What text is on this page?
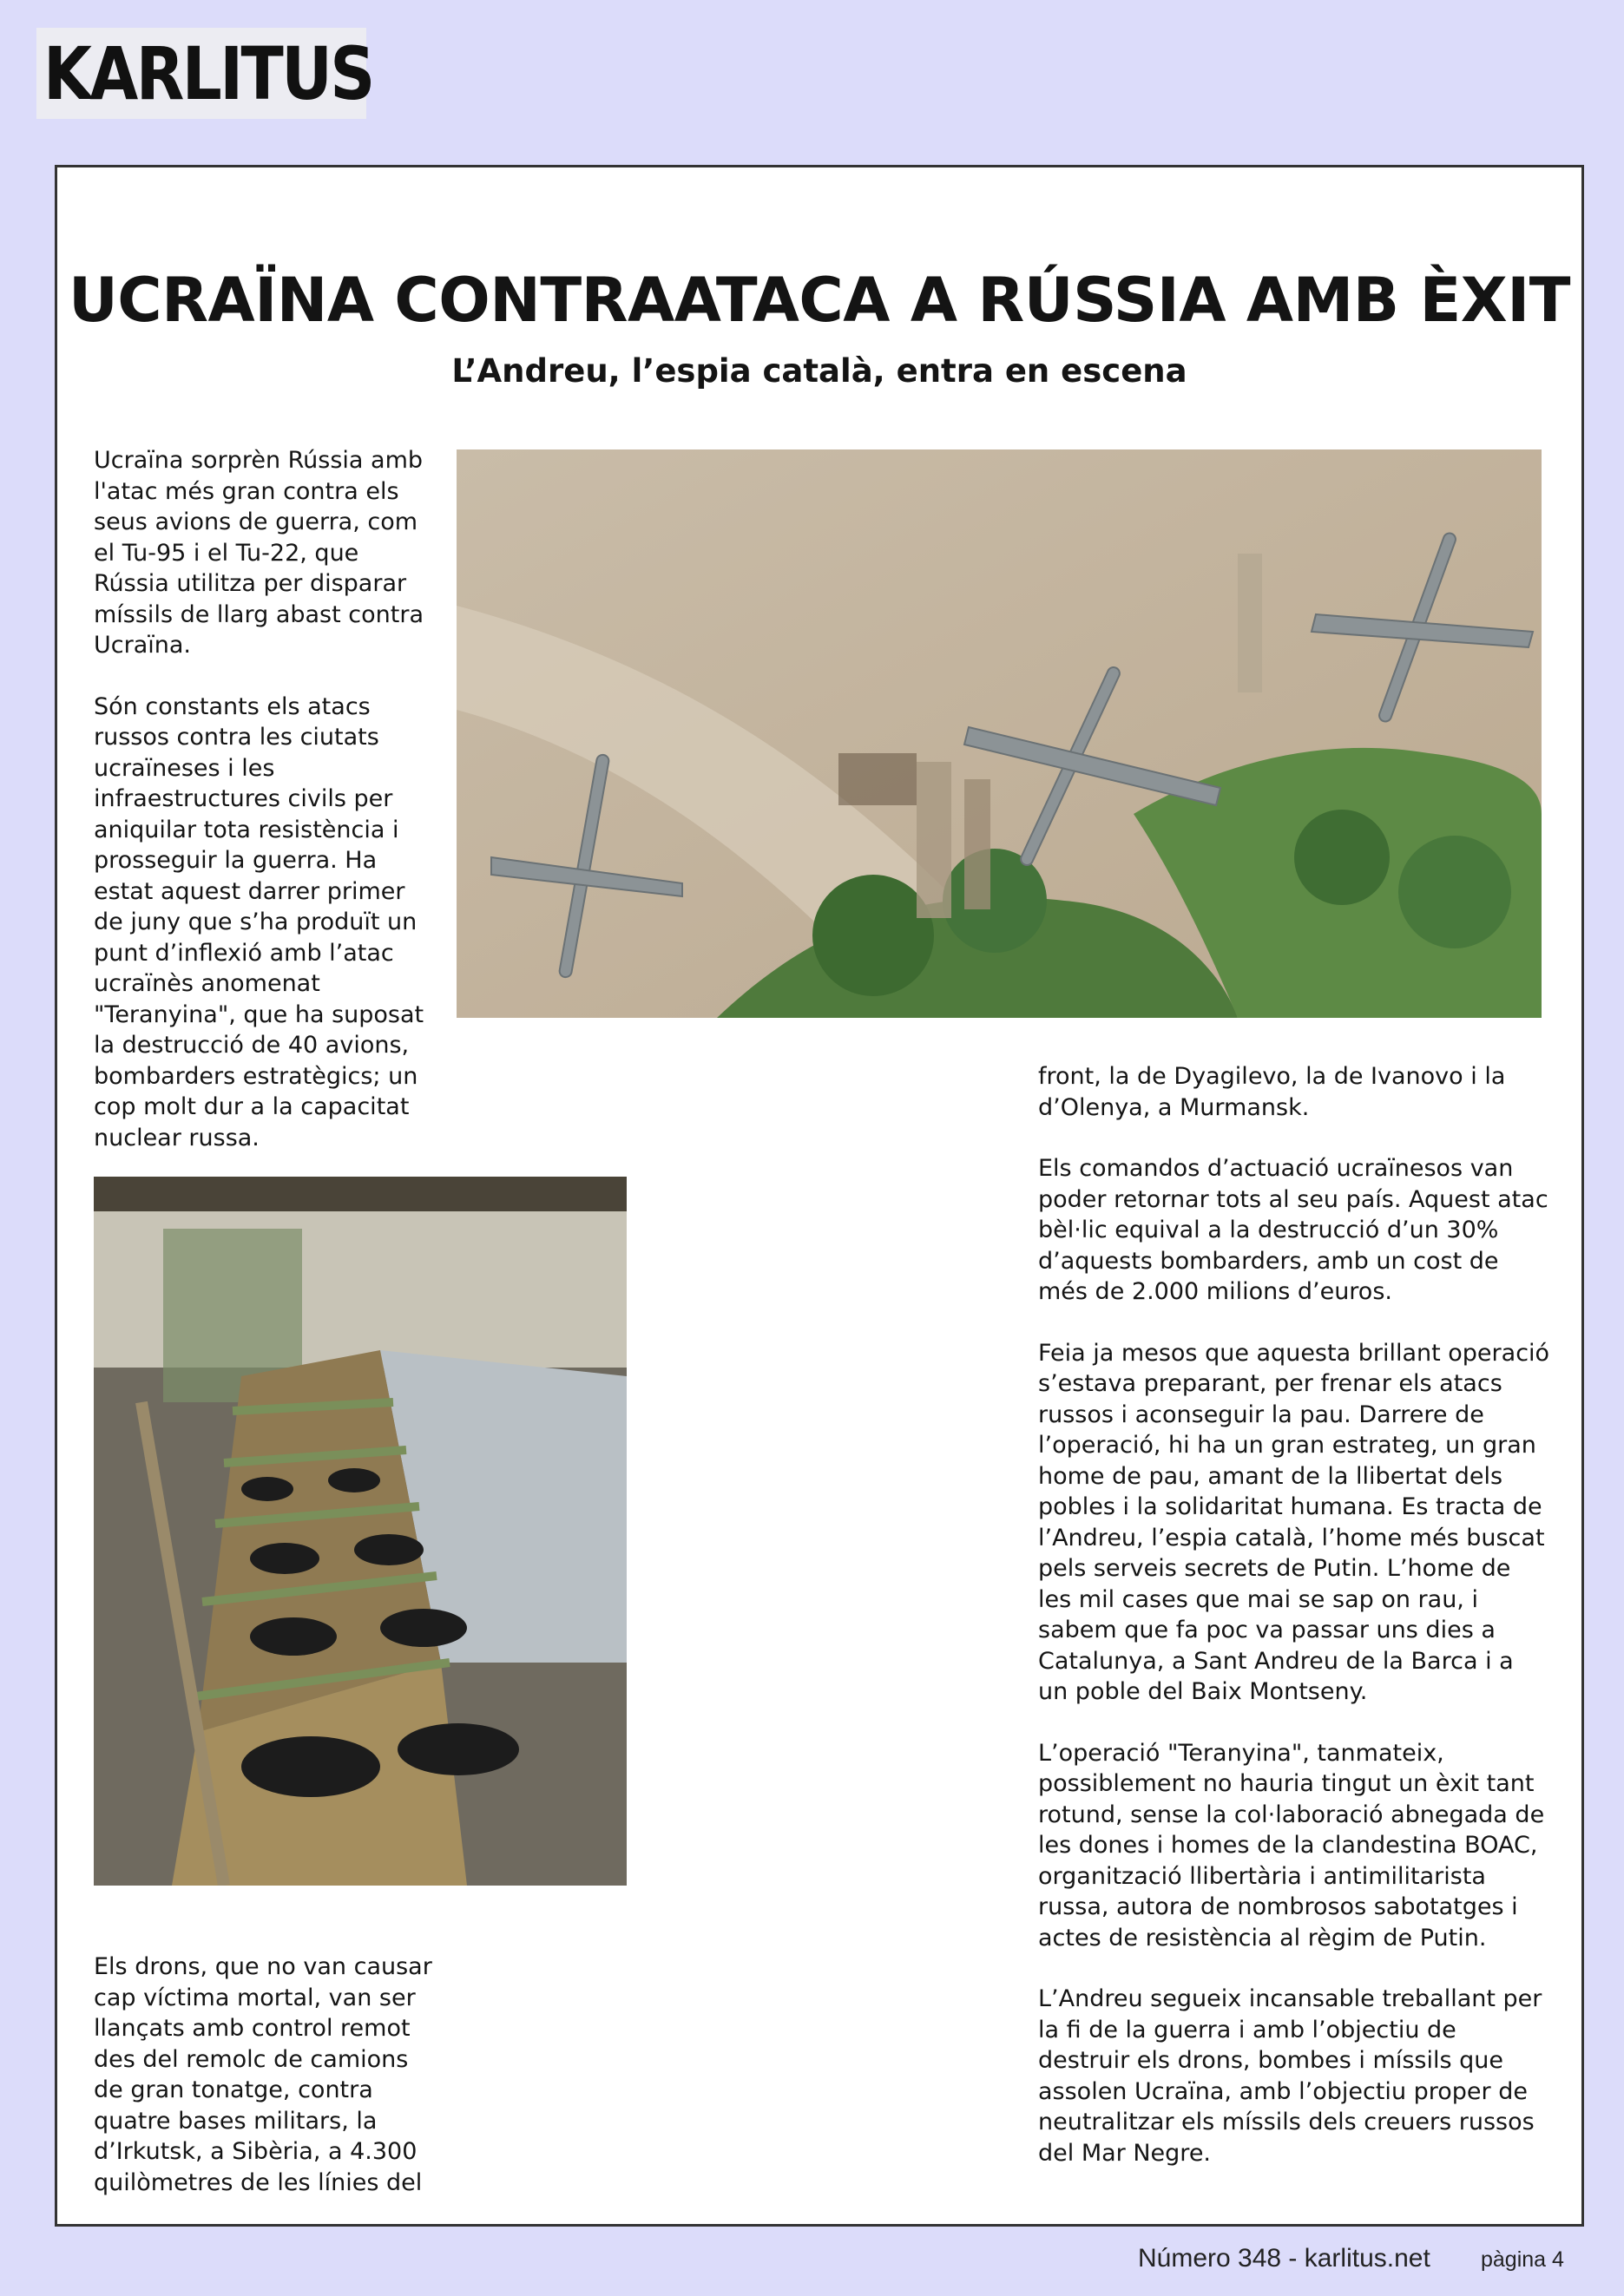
KARLITUS
UCRAÏNA CONTRAATACA A RÚSSIA AMB ÈXIT
L’Andreu, l’espia català, entra en escena

Ucraïna sorprèn Rússia amb l'atac més gran contra els seus avions de guerra, com el Tu-95 i el Tu-22, que Rússia utilitza per disparar míssils de llarg abast contra Ucraïna.

Són constants els atacs russos contra les ciutats ucraïneses i les infraestructures civils per aniquilar tota resistència i prosseguir la guerra. Ha estat aquest darrer primer de juny que s’ha produït un punt d’inflexió amb l’atac ucraïnès anomenat "Teranyina", que ha suposat la destrucció de 40 avions, bombarders estratègics; un cop molt dur a la capacitat nuclear russa.

Els drons, que no van causar cap víctima mortal, van ser llançats amb control remot des del remolc de camions de gran tonatge, contra quatre bases militars, la d’Irkutsk, a Sibèria, a 4.300 quilòmetres de les línies del

front, la de Dyagilevo, la de Ivanovo i la d’Olenya, a Murmansk.

Els comandos d’actuació ucraïnesos van poder retornar tots al seu país. Aquest atac bèl·lic equival a la destrucció d’un 30% d’aquests bombarders, amb un cost de més de 2.000 milions d’euros.

Feia ja mesos que aquesta brillant operació s’estava preparant, per frenar els atacs russos i aconseguir la pau. Darrere de l’operació, hi ha un gran estrateg, un gran home de pau, amant de la llibertat dels pobles i la solidaritat humana. Es tracta de l’Andreu, l’espia català, l’home més buscat pels serveis secrets de Putin. L’home de les mil cases que mai se sap on rau, i sabem que fa poc va passar uns dies a Catalunya, a Sant Andreu de la Barca i a un poble del Baix Montseny.

L’operació "Teranyina", tanmateix, possiblement no hauria tingut un èxit tant rotund, sense la col·laboració abnegada de les dones i homes de la clandestina BOAC, organització llibertària i antimilitarista russa, autora de nombrosos sabotatges i actes de resistència al règim de Putin.

L’Andreu segueix incansable treballant per la fi de la guerra i amb l’objectiu de destruir els drons, bombes i míssils que assolen Ucraïna, amb l’objectiu proper de neutralitzar els míssils dels creuers russos del Mar Negre.

Número 348 - karlitus.net pàgina 4
